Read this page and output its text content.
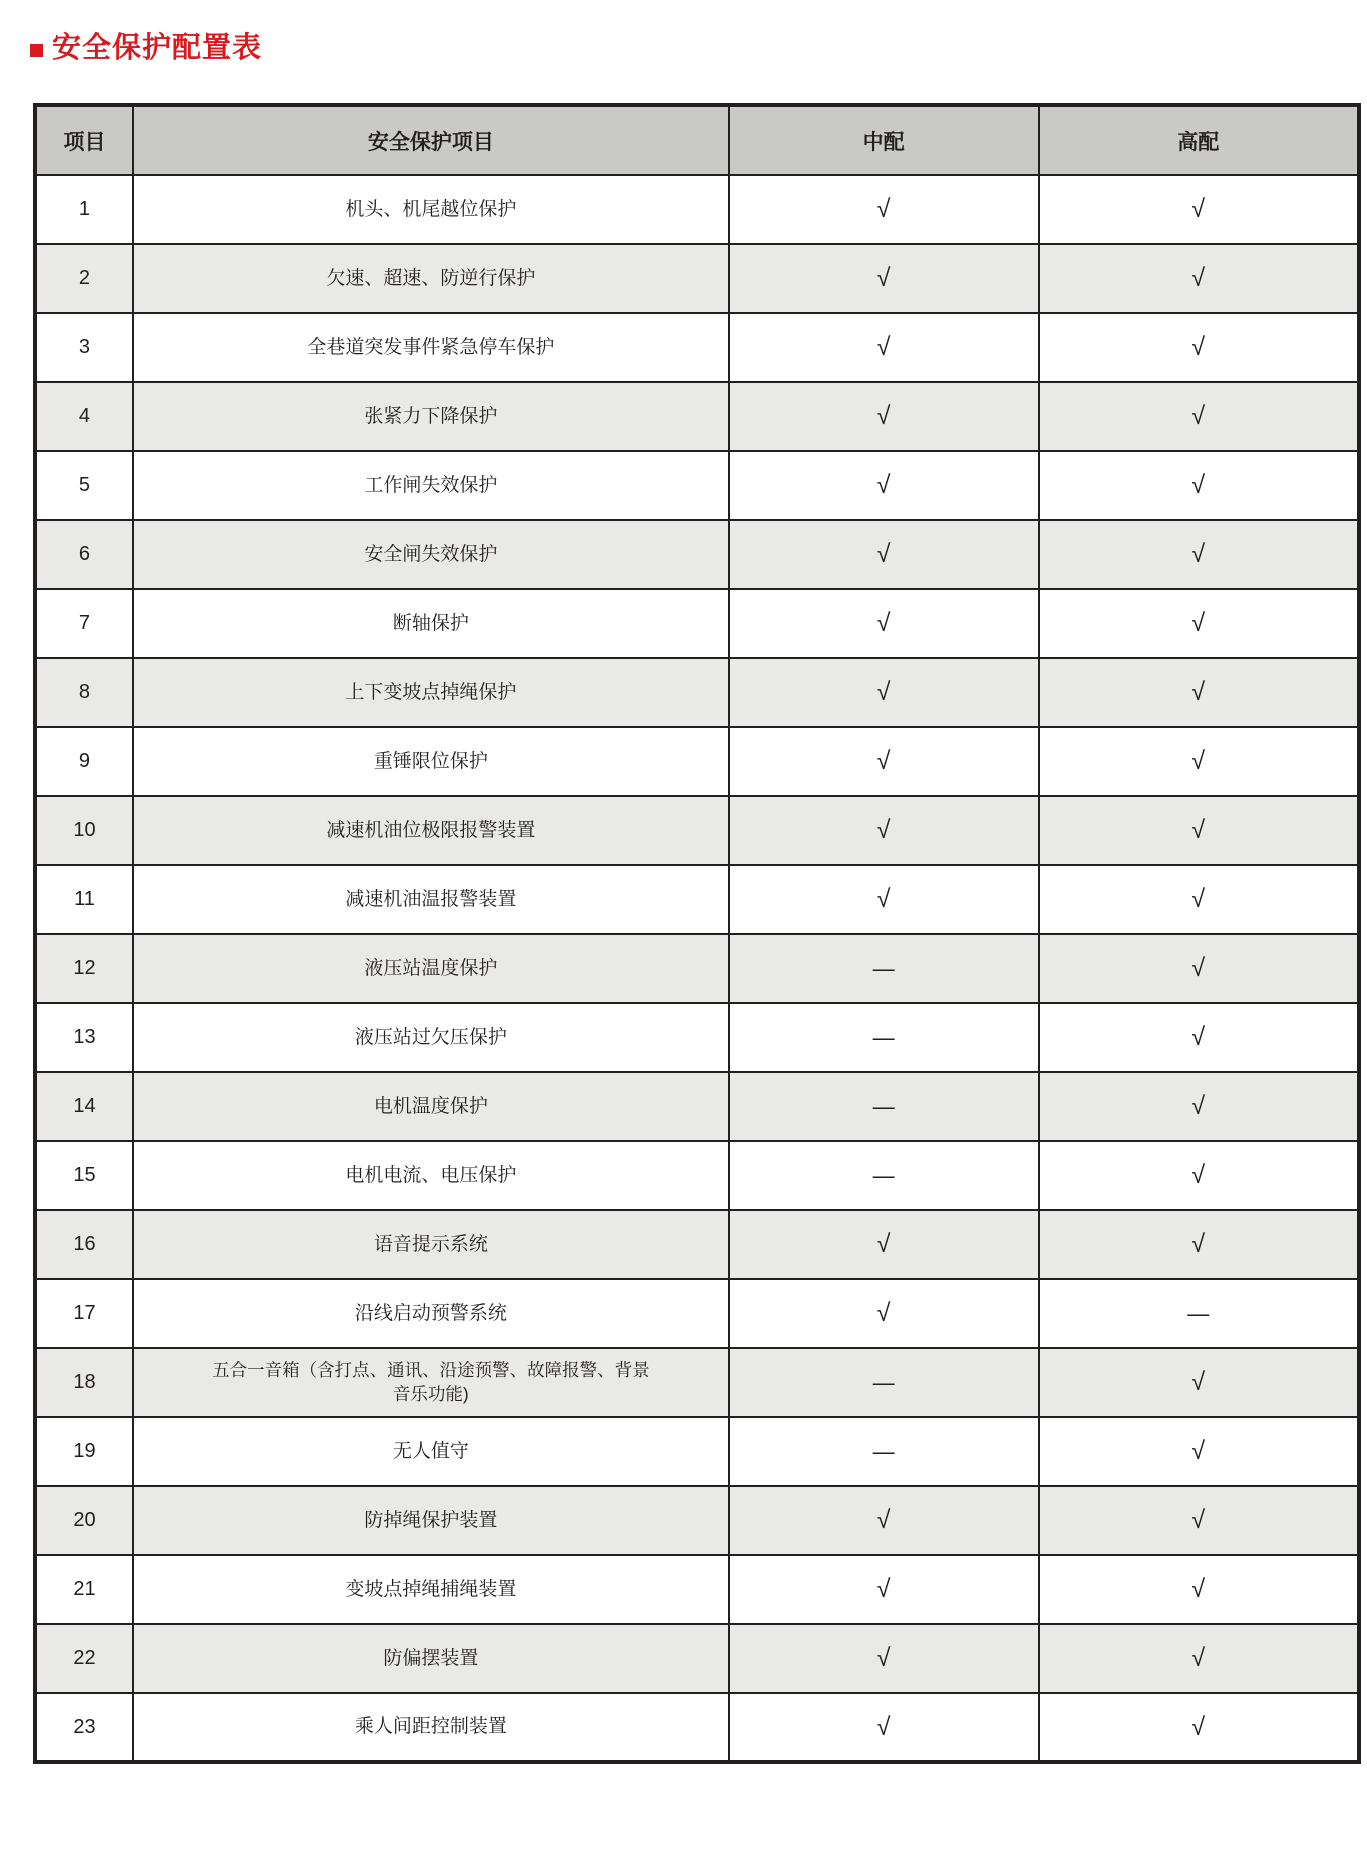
安全保护配置表
项目	安全保护项目	中配	高配
1	机头、机尾越位保护	√	√
2	欠速、超速、防逆行保护	√	√
3	全巷道突发事件紧急停车保护	√	√
4	张紧力下降保护	√	√
5	工作闸失效保护	√	√
6	安全闸失效保护	√	√
7	断轴保护	√	√
8	上下变坡点掉绳保护	√	√
9	重锤限位保护	√	√
10	减速机油位极限报警装置	√	√
11	减速机油温报警装置	√	√
12	液压站温度保护	—	√
13	液压站过欠压保护	—	√
14	电机温度保护	—	√
15	电机电流、电压保护	—	√
16	语音提示系统	√	√
17	沿线启动预警系统	√	—
18	五合一音箱（含打点、通讯、沿途预警、故障报警、背景音乐功能)	—	√
19	无人值守	—	√
20	防掉绳保护装置	√	√
21	变坡点掉绳捕绳装置	√	√
22	防偏摆装置	√	√
23	乘人间距控制装置	√	√
